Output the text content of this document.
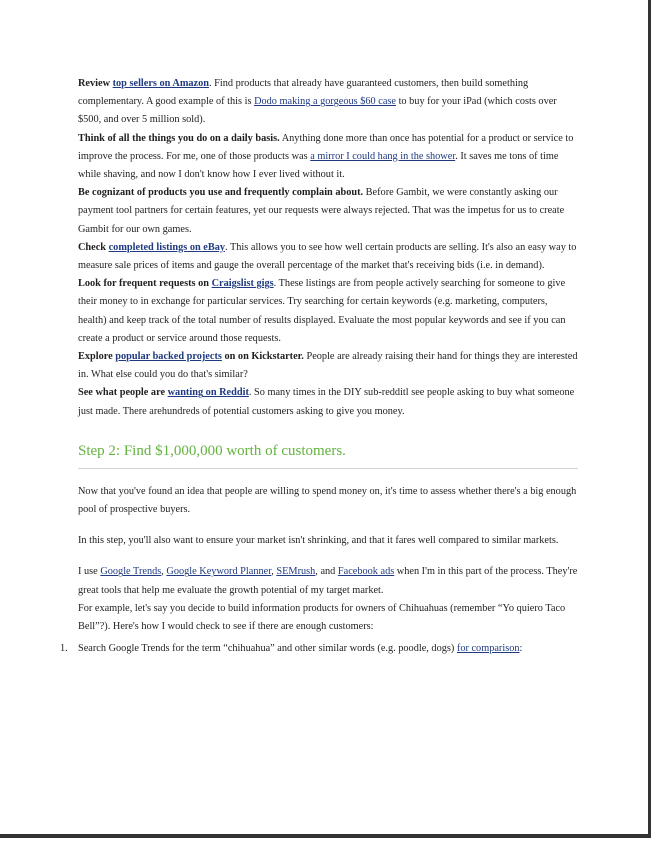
Review top sellers on Amazon. Find products that already have guaranteed customers, then build something complementary. A good example of this is Dodo making a gorgeous $60 case to buy for your iPad (which costs over $500, and over 5 million sold).

Think of all the things you do on a daily basis. Anything done more than once has potential for a product or service to improve the process. For me, one of those products was a mirror I could hang in the shower. It saves me tons of time while shaving, and now I don't know how I ever lived without it.

Be cognizant of products you use and frequently complain about. Before Gambit, we were constantly asking our payment tool partners for certain features, yet our requests were always rejected. That was the impetus for us to create Gambit for our own games.

Check completed listings on eBay. This allows you to see how well certain products are selling. It's also an easy way to measure sale prices of items and gauge the overall percentage of the market that's receiving bids (i.e. in demand).

Look for frequent requests on Craigslist gigs. These listings are from people actively searching for someone to give their money to in exchange for particular services. Try searching for certain keywords (e.g. marketing, computers, health) and keep track of the total number of results displayed. Evaluate the most popular keywords and see if you can create a product or service around those requests.

Explore popular backed projects on on Kickstarter. People are already raising their hand for things they are interested in. What else could you do that's similar?

See what people are wanting on Reddit. So many times in the DIY sub-redditl see people asking to buy what someone just made. There arehundreds of potential customers asking to give you money.

Step 2: Find $1,000,000 worth of customers.

Now that you've found an idea that people are willing to spend money on, it's time to assess whether there's a big enough pool of prospective buyers.

In this step, you'll also want to ensure your market isn't shrinking, and that it fares well compared to similar markets.

I use Google Trends, Google Keyword Planner, SEMrush, and Facebook ads when I'm in this part of the process. They're great tools that help me evaluate the growth potential of my target market.

For example, let's say you decide to build information products for owners of Chihuahuas (remember “Yo quiero Taco Bell”?). Here's how I would check to see if there are enough customers:

1. Search Google Trends for the term “chihuahua” and other similar words (e.g. poodle, dogs) for comparison:
